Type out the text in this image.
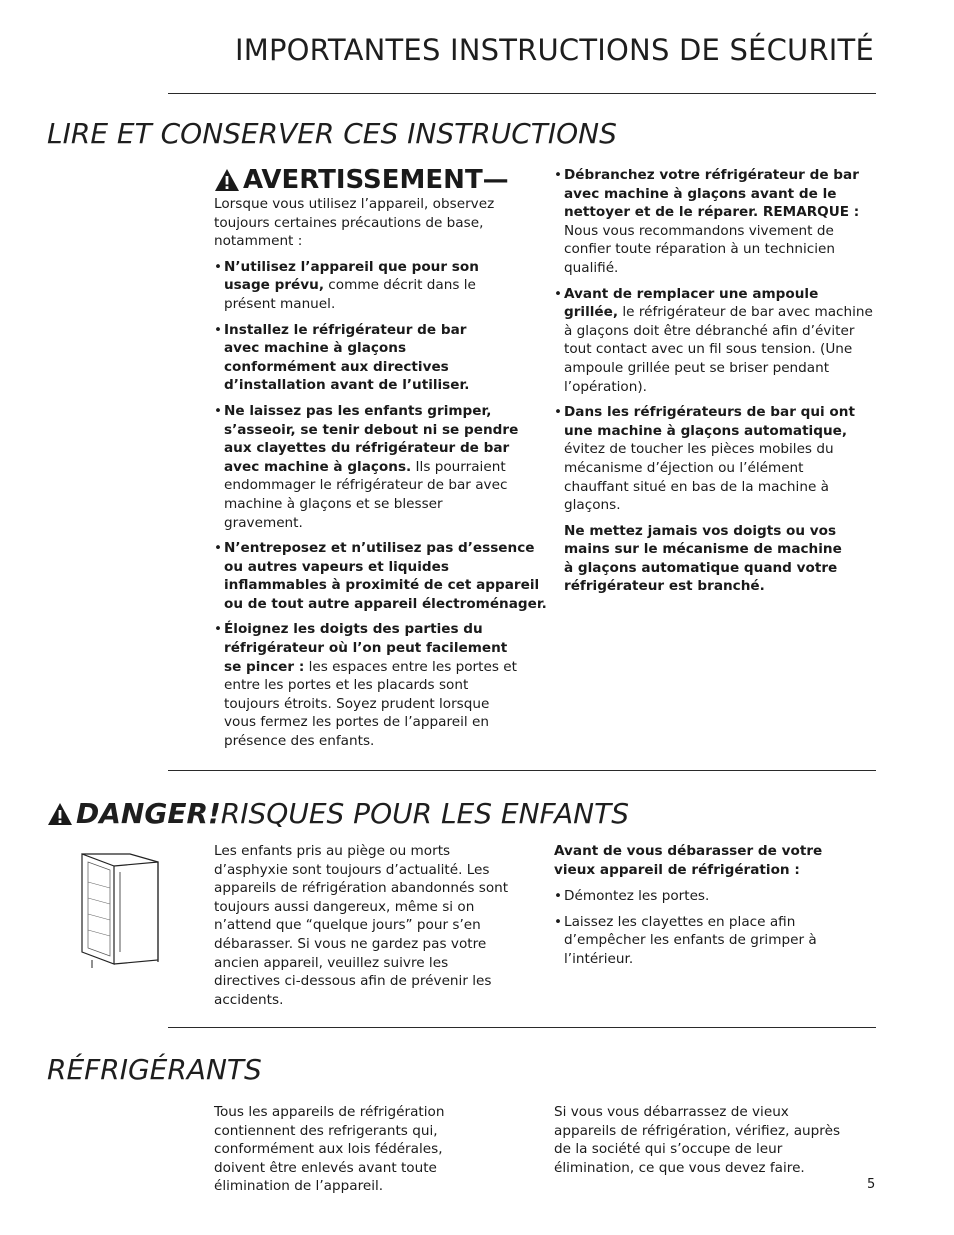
IMPORTANTES INSTRUCTIONS DE SÉCURITÉ
LIRE ET CONSERVER CES INSTRUCTIONS
AVERTISSEMENT—
Lorsque vous utilisez l’appareil, observez toujours certaines précautions de base, notamment :
• N’utilisez l’appareil que pour son usage prévu, comme décrit dans le présent manuel.
• Installez le réfrigérateur de bar avec machine à glaçons conformément aux directives d’installation avant de l’utiliser.
• Ne laissez pas les enfants grimper, s’asseoir, se tenir debout ni se pendre aux clayettes du réfrigérateur de bar avec machine à glaçons. Ils pourraient endommager le réfrigérateur de bar avec machine à glaçons et se blesser gravement.
• N’entreposez et n’utilisez pas d’essence ou autres vapeurs et liquides inflammables à proximité de cet appareil ou de tout autre appareil électroménager.
• Éloignez les doigts des parties du réfrigérateur où l’on peut facilement se pincer : les espaces entre les portes et entre les portes et les placards sont toujours étroits. Soyez prudent lorsque vous fermez les portes de l’appareil en présence des enfants.
• Débranchez votre réfrigérateur de bar avec machine à glaçons avant de le nettoyer et de le réparer. REMARQUE : Nous vous recommandons vivement de confier toute réparation à un technicien qualifié.
• Avant de remplacer une ampoule grillée, le réfrigérateur de bar avec machine à glaçons doit être débranché afin d’éviter tout contact avec un fil sous tension. (Une ampoule grillée peut se briser pendant l’opération).
• Dans les réfrigérateurs de bar qui ont une machine à glaçons automatique, évitez de toucher les pièces mobiles du mécanisme d’éjection ou l’élément chauffant situé en bas de la machine à glaçons.
Ne mettez jamais vos doigts ou vos mains sur le mécanisme de machine à glaçons automatique quand votre réfrigérateur est branché.
DANGER! RISQUES POUR LES ENFANTS
Les enfants pris au piège ou morts d’asphyxie sont toujours d’actualité. Les appareils de réfrigération abandonnés sont toujours aussi dangereux, même si on n’attend que “quelque jours” pour s’en débarasser. Si vous ne gardez pas votre ancien appareil, veuillez suivre les directives ci-dessous afin de prévenir les accidents.
Avant de vous débarasser de votre vieux appareil de réfrigération :
• Démontez les portes.
• Laissez les clayettes en place afin d’empêcher les enfants de grimper à l’intérieur.
RÉFRIGÉRANTS
Tous les appareils de réfrigération contiennent des refrigerants qui, conformément aux lois fédérales, doivent être enlevés avant toute élimination de l’appareil.
Si vous vous débarrassez de vieux appareils de réfrigération, vérifiez, auprès de la société qui s’occupe de leur élimination, ce que vous devez faire.
5
